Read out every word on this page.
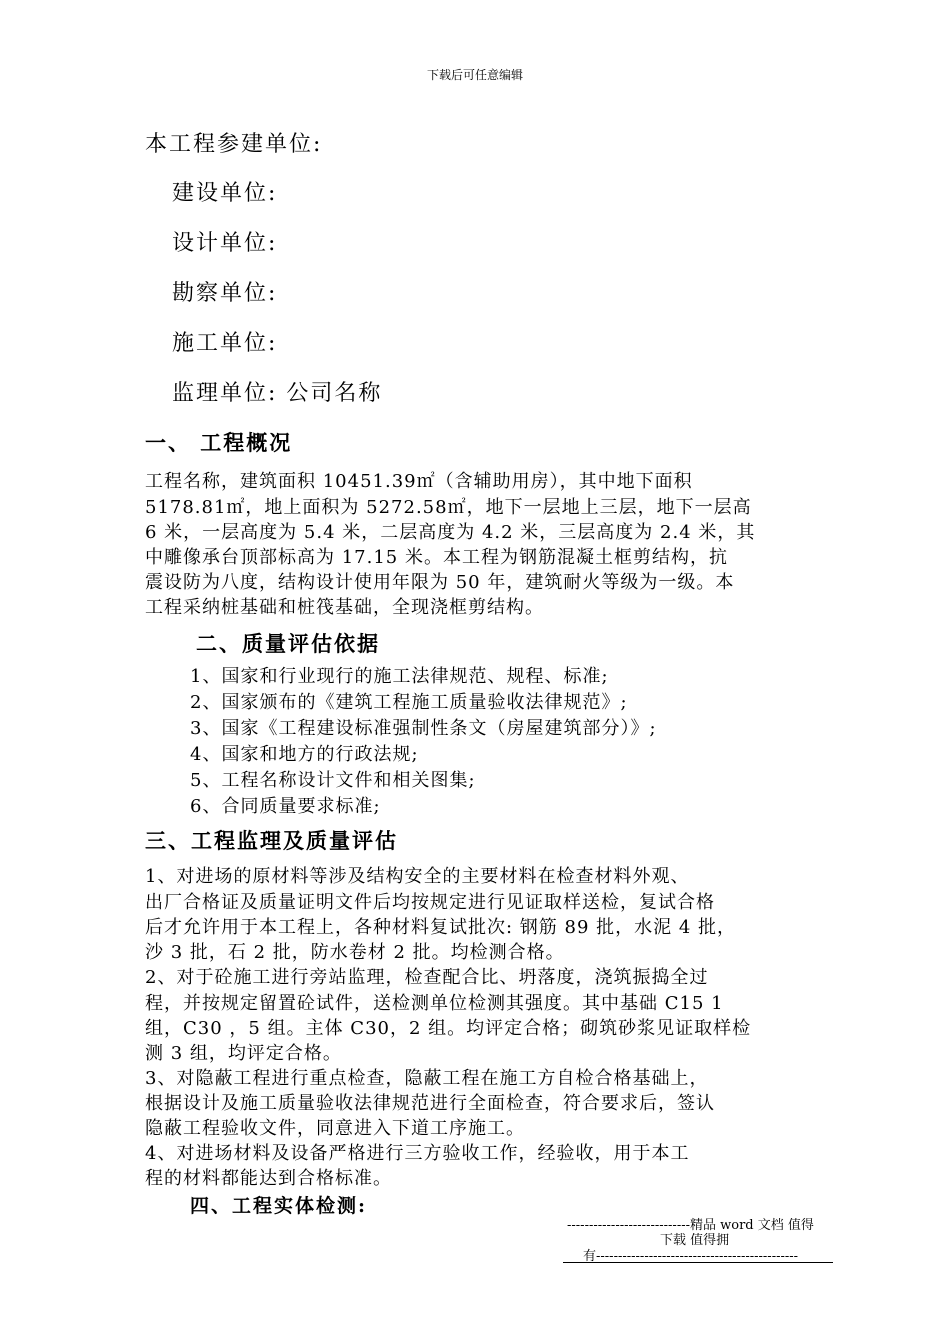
下载后可任意编辑
本工程参建单位:
建设单位:
设计单位:
勘察单位:
施工单位:
监理单位: 公司名称
一、 工程概况
工程名称，建筑面积 10451.39㎡（含辅助用房），其中地下面积
5178.81㎡，地上面积为 5272.58㎡，地下一层地上三层，地下一层高
6 米，一层高度为 5.4 米，二层高度为 4.2 米，三层高度为 2.4 米，其
中雕像承台顶部标高为 17.15 米。本工程为钢筋混凝土框剪结构，抗
震设防为八度，结构设计使用年限为 50 年，建筑耐火等级为一级。本
工程采纳桩基础和桩筏基础，全现浇框剪结构。
二、质量评估依据
1、国家和行业现行的施工法律规范、规程、标准;
2、国家颁布的《建筑工程施工质量验收法律规范》;
3、国家《工程建设标准强制性条文（房屋建筑部分）》;
4、国家和地方的行政法规;
5、工程名称设计文件和相关图集;
6、合同质量要求标准;
三、工程监理及质量评估
1、对进场的原材料等涉及结构安全的主要材料在检查材料外观、
出厂合格证及质量证明文件后均按规定进行见证取样送检，复试合格
后才允许用于本工程上，各种材料复试批次: 钢筋 89 批，水泥 4 批，
沙 3 批，石 2 批，防水卷材 2 批。均检测合格。
2、对于砼施工进行旁站监理，检查配合比、坍落度，浇筑振捣全过
程，并按规定留置砼试件，送检测单位检测其强度。其中基础 C15 1
组，C30 ，5 组。主体 C30，2 组。均评定合格；砌筑砂浆见证取样检
测 3 组，均评定合格。
3、对隐蔽工程进行重点检查，隐蔽工程在施工方自检合格基础上，
根据设计及施工质量验收法律规范进行全面检查，符合要求后，签认
隐蔽工程验收文件，同意进入下道工序施工。
4、对进场材料及设备严格进行三方验收工作，经验收，用于本工
程的材料都能达到合格标准。
四、工程实体检测:
----------------------------精品 word 文档 值得
下载 值得拥
有----------------------------------------------
